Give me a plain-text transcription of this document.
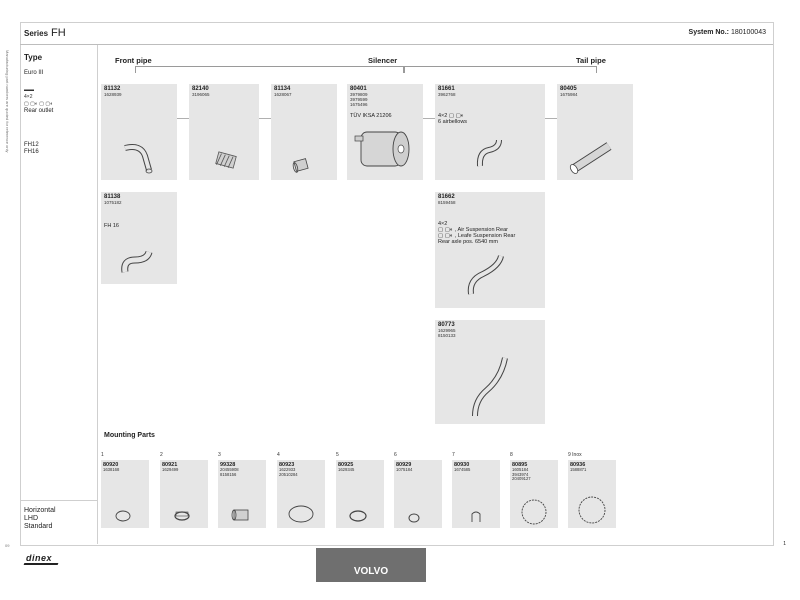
Series FH	System No.: 180100043
Manufacturing part numbers are quoted for reference only Type
Euro III
▬▬
4×2
▢ ▢◐ ▢ ▢◐
Rear outlet
FH12
FH16
Horizontal
LHD
Standard
Front pipe	Silencer	Tail pipe
81132
1628939
82140
3196065
81134
1628067
80401
3979809
3979599
1675496
TÜV IKSA 21206
81661
3962768
4×2 ▢ ▢◐
6 airbellows
80405
1675984
81138
1075182
FH 16
81662
8159458
4×2
▢ ▢◐ , Air Suspension Rear
▢ ▢◐ , Leafe Suspension Rear
Rear axle pos. 6540 mm
80773
1629965
8150133
Mounting Parts
1
80920
1638168
2
80921
1629499
3
99328
20455908
8158156
4
80923
1622933
20510284
5
80925
1629345
6
80929
1075184
7
80930
1674585
8
80895
1605184
3943974
20409127
9 Inox
80936
1588871
dinex
VOLVO
1
09
